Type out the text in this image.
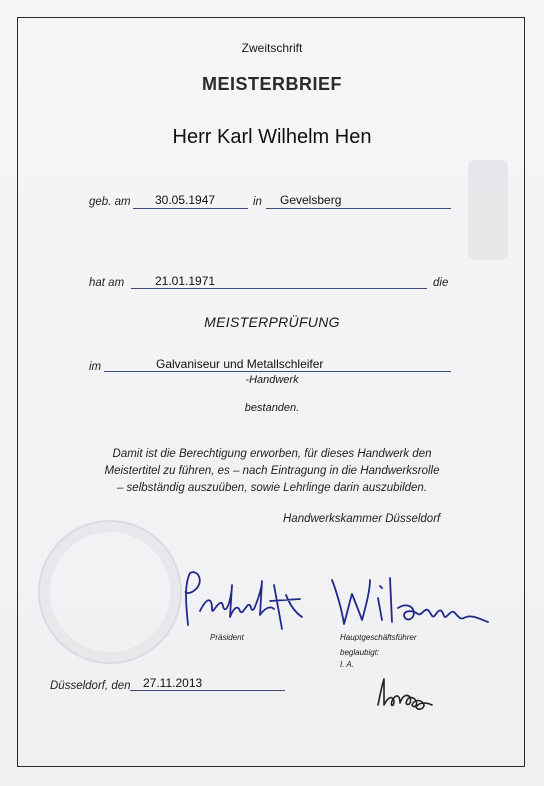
Zweitschrift
MEISTERBRIEF
Herr Karl Wilhelm Hen
geb. am 30.05.1947	in Gevelsberg
hat am	21.01.1971	die
MEISTERPRÜFUNG
im	Galvaniseur und Metallschleifer
-Handwerk
bestanden.
Damit ist die Berechtigung erworben, für dieses Handwerk den
Meistertitel zu führen, es – nach Eintragung in die Handwerksrolle
– selbständig auszuüben, sowie Lehrlinge darin auszubilden.
Handwerkskammer Düsseldorf
Präsident	Hauptgeschäftsführer
beglaubigt:
I. A.
Düsseldorf, den 27.11.2013
